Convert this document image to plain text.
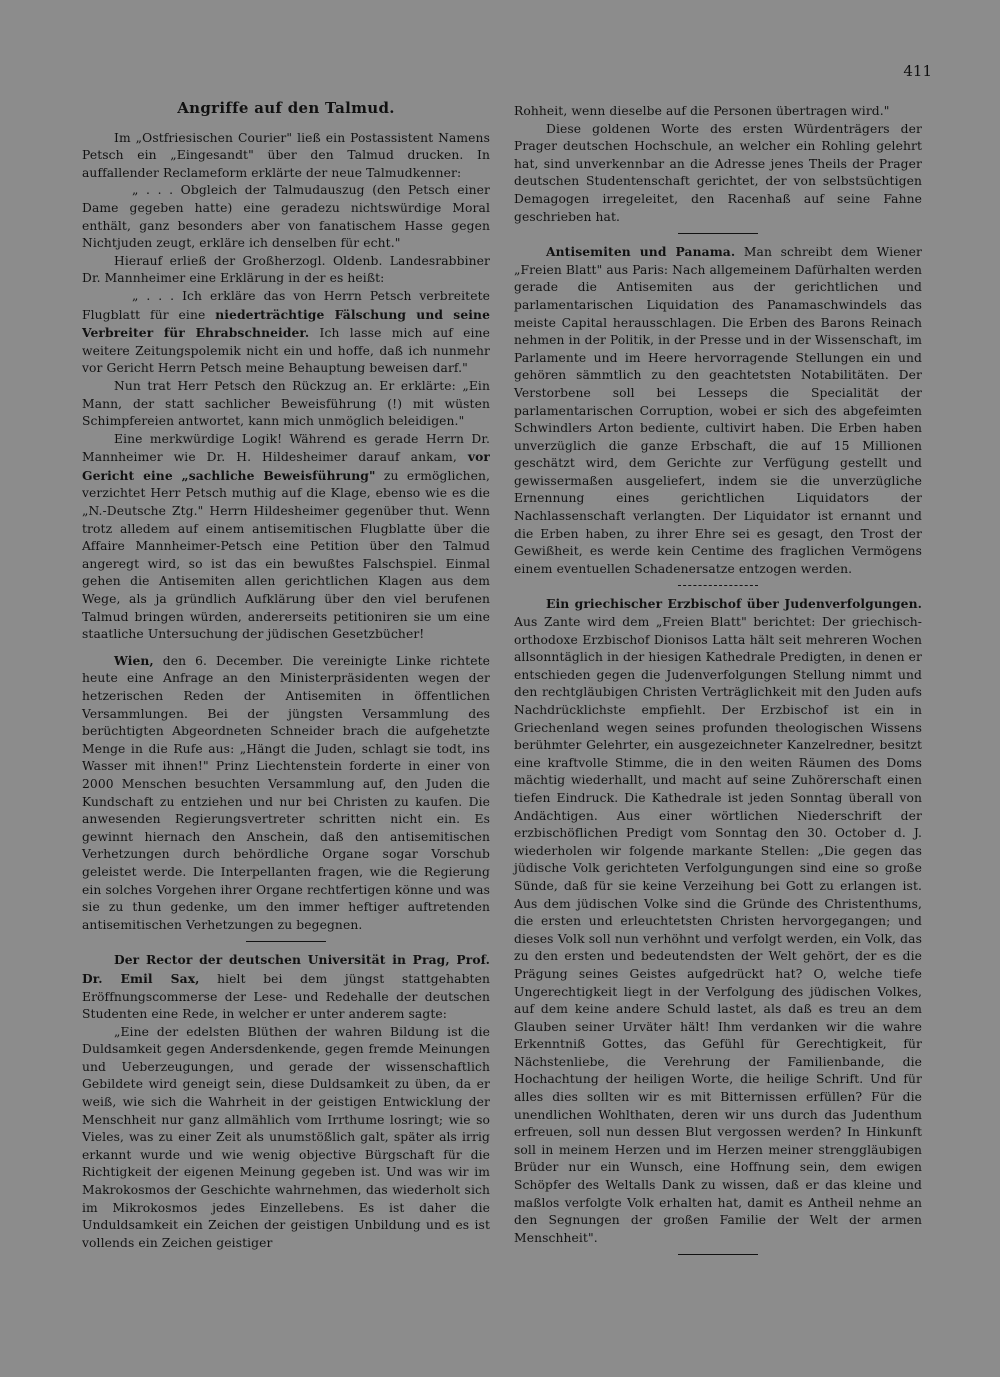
411
Angriffe auf den Talmud.

Im „Ostfriesischen Courier" ließ ein Postassistent Namens Petsch ein „Eingesandt" über den Talmud drucken. In auffallender Reclameform erklärte der neue Talmudkenner:

„ . . . Obgleich der Talmudauszug (den Petsch einer Dame gegeben hatte) eine geradezu nichtswürdige Moral enthält, ganz besonders aber von fanatischem Hasse gegen Nichtjuden zeugt, erkläre ich denselben für echt."

Hierauf erließ der Großherzogl. Oldenb. Landesrabbiner Dr. Mannheimer eine Erklärung in der es heißt:

„ . . . Ich erkläre das von Herrn Petsch verbreitete Flugblatt für eine niederträchtige Fälschung und seine Verbreiter für Ehrabschneider. Ich lasse mich auf eine weitere Zeitungspolemik nicht ein und hoffe, daß ich nunmehr vor Gericht Herrn Petsch meine Behauptung beweisen darf."

Nun trat Herr Petsch den Rückzug an. Er erklärte: „Ein Mann, der statt sachlicher Beweisführung (!) mit wüsten Schimpfereien antwortet, kann mich unmöglich beleidigen."

Eine merkwürdige Logik! Während es gerade Herrn Dr. Mannheimer wie Dr. H. Hildesheimer darauf ankam, vor Gericht eine „sachliche Beweisführung" zu ermöglichen, verzichtet Herr Petsch muthig auf die Klage, ebenso wie es die „N.-Deutsche Ztg." Herrn Hildesheimer gegenüber thut. Wenn trotz alledem auf einem antisemitischen Flugblatte über die Affaire Mannheimer-Petsch eine Petition über den Talmud angeregt wird, so ist das ein bewußtes Falschspiel. Einmal gehen die Antisemiten allen gerichtlichen Klagen aus dem Wege, als ja gründlich Aufklärung über den viel berufenen Talmud bringen würden, andererseits petitioniren sie um eine staatliche Untersuchung der jüdischen Gesetzbücher!

Wien, den 6. December. Die vereinigte Linke richtete heute eine Anfrage an den Ministerpräsidenten wegen der hetzerischen Reden der Antisemiten in öffentlichen Versammlungen. Bei der jüngsten Versammlung des berüchtigten Abgeordneten Schneider brach die aufgehetzte Menge in die Rufe aus: „Hängt die Juden, schlagt sie todt, ins Wasser mit ihnen!" Prinz Liechtenstein forderte in einer von 2000 Menschen besuchten Versammlung auf, den Juden die Kundschaft zu entziehen und nur bei Christen zu kaufen. Die anwesenden Regierungsvertreter schritten nicht ein. Es gewinnt hiernach den Anschein, daß den antisemitischen Verhetzungen durch behördliche Organe sogar Vorschub geleistet werde. Die Interpellanten fragen, wie die Regierung ein solches Vorgehen ihrer Organe rechtfertigen könne und was sie zu thun gedenke, um den immer heftiger auftretenden antisemitischen Verhetzungen zu begegnen.

Der Rector der deutschen Universität in Prag, Prof. Dr. Emil Sax, hielt bei dem jüngst stattgehabten Eröffnungscommerse der Lese- und Redehalle der deutschen Studenten eine Rede, in welcher er unter anderem sagte:

„Eine der edelsten Blüthen der wahren Bildung ist die Duldsamkeit gegen Andersdenkende, gegen fremde Meinungen und Ueberzeugungen, und gerade der wissenschaftlich Gebildete wird geneigt sein, diese Duldsamkeit zu üben, da er weiß, wie sich die Wahrheit in der geistigen Entwicklung der Menschheit nur ganz allmählich vom Irrthume losringt; wie so Vieles, was zu einer Zeit als unumstößlich galt, später als irrig erkannt wurde und wie wenig objective Bürgschaft für die Richtigkeit der eigenen Meinung gegeben ist. Und was wir im Makrokosmos der Geschichte wahrnehmen, das wiederholt sich im Mikrokosmos jedes Einzellebens. Es ist daher die Unduldsamkeit ein Zeichen der geistigen Unbildung und es ist vollends ein Zeichen geistiger

Rohheit, wenn dieselbe auf die Personen übertragen wird."

Diese goldenen Worte des ersten Würdenträgers der Prager deutschen Hochschule, an welcher ein Rohling gelehrt hat, sind unverkennbar an die Adresse jenes Theils der Prager deutschen Studentenschaft gerichtet, der von selbstsüchtigen Demagogen irregeleitet, den Racenhaß auf seine Fahne geschrieben hat.

Antisemiten und Panama. Man schreibt dem Wiener „Freien Blatt" aus Paris: Nach allgemeinem Dafürhalten werden gerade die Antisemiten aus der gerichtlichen und parlamentarischen Liquidation des Panamaschwindels das meiste Capital herausschlagen. Die Erben des Barons Reinach nehmen in der Politik, in der Presse und in der Wissenschaft, im Parlamente und im Heere hervorragende Stellungen ein und gehören sämmtlich zu den geachtetsten Notabilitäten. Der Verstorbene soll bei Lesseps die Specialität der parlamentarischen Corruption, wobei er sich des abgefeimten Schwindlers Arton bediente, cultivirt haben. Die Erben haben unverzüglich die ganze Erbschaft, die auf 15 Millionen geschätzt wird, dem Gerichte zur Verfügung gestellt und gewissermaßen ausgeliefert, indem sie die unverzügliche Ernennung eines gerichtlichen Liquidators der Nachlassenschaft verlangten. Der Liquidator ist ernannt und die Erben haben, zu ihrer Ehre sei es gesagt, den Trost der Gewißheit, es werde kein Centime des fraglichen Vermögens einem eventuellen Schadenersatze entzogen werden.

Ein griechischer Erzbischof über Judenverfolgungen. Aus Zante wird dem „Freien Blatt" berichtet: Der griechisch-orthodoxe Erzbischof Dionisos Latta hält seit mehreren Wochen allsonntäglich in der hiesigen Kathedrale Predigten, in denen er entschieden gegen die Judenverfolgungen Stellung nimmt und den rechtgläubigen Christen Verträglichkeit mit den Juden aufs Nachdrücklichste empfiehlt. Der Erzbischof ist ein in Griechenland wegen seines profunden theologischen Wissens berühmter Gelehrter, ein ausgezeichneter Kanzelredner, besitzt eine kraftvolle Stimme, die in den weiten Räumen des Doms mächtig wiederhallt, und macht auf seine Zuhörerschaft einen tiefen Eindruck. Die Kathedrale ist jeden Sonntag überall von Andächtigen. Aus einer wörtlichen Niederschrift der erzbischöflichen Predigt vom Sonntag den 30. October d. J. wiederholen wir folgende markante Stellen: „Die gegen das jüdische Volk gerichteten Verfolgungungen sind eine so große Sünde, daß für sie keine Verzeihung bei Gott zu erlangen ist. Aus dem jüdischen Volke sind die Gründe des Christenthums, die ersten und erleuchtetsten Christen hervorgegangen; und dieses Volk soll nun verhöhnt und verfolgt werden, ein Volk, das zu den ersten und bedeutendsten der Welt gehört, der es die Prägung seines Geistes aufgedrückt hat? O, welche tiefe Ungerechtigkeit liegt in der Verfolgung des jüdischen Volkes, auf dem keine andere Schuld lastet, als daß es treu an dem Glauben seiner Urväter hält! Ihm verdanken wir die wahre Erkenntniß Gottes, das Gefühl für Gerechtigkeit, für Nächstenliebe, die Verehrung der Familienbande, die Hochachtung der heiligen Worte, die heilige Schrift. Und für alles dies sollten wir es mit Bitternissen erfüllen? Für die unendlichen Wohlthaten, deren wir uns durch das Judenthum erfreuen, soll nun dessen Blut vergossen werden? In Hinkunft soll in meinem Herzen und im Herzen meiner strenggläubigen Brüder nur ein Wunsch, eine Hoffnung sein, dem ewigen Schöpfer des Weltalls Dank zu wissen, daß er das kleine und maßlos verfolgte Volk erhalten hat, damit es Antheil nehme an den Segnungen der großen Familie der Welt der armen Menschheit".
